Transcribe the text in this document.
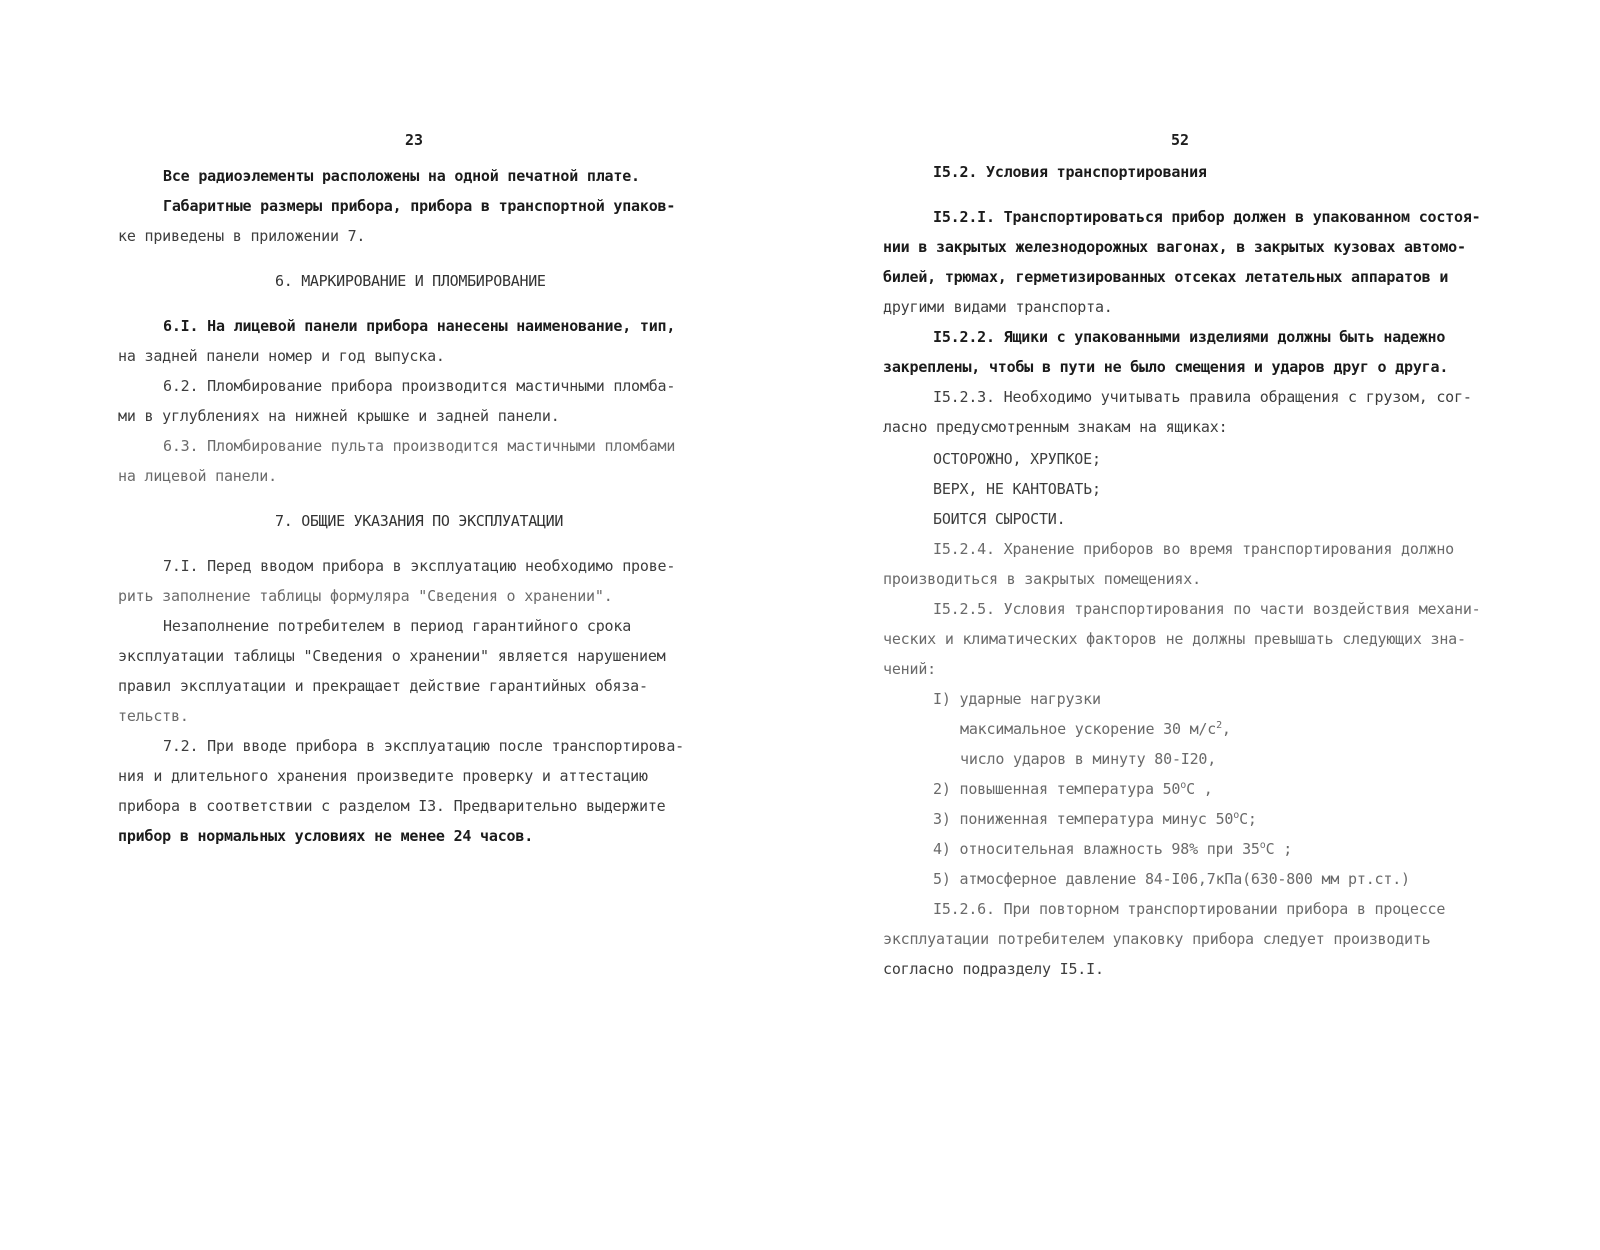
23
Все радиоэлементы расположены на одной печатной плате.
Габаритные размеры прибора, прибора в транспортной упаков-
ке приведены в приложении 7.
6. МАРКИРОВАНИЕ И ПЛОМБИРОВАНИЕ
6.I. На лицевой панели прибора нанесены наименование, тип,
на задней панели номер и год выпуска.
6.2. Пломбирование прибора производится мастичными пломба-
ми в углублениях на нижней крышке и задней панели.
6.3. Пломбирование пульта производится мастичными пломбами
на лицевой панели.
7. ОБЩИЕ УКАЗАНИЯ ПО ЭКСПЛУАТАЦИИ
7.I. Перед вводом прибора в эксплуатацию необходимо прове-
рить заполнение таблицы формуляра "Сведения о хранении".
Незаполнение потребителем в период гарантийного срока
эксплуатации таблицы "Сведения о хранении" является нарушением
правил эксплуатации и прекращает действие гарантийных обяза-
тельств.
7.2. При вводе прибора в эксплуатацию после транспортирова-
ния и длительного хранения произведите проверку и аттестацию
прибора в соответствии с разделом I3. Предварительно выдержите
прибор в нормальных условиях не менее 24 часов.
52
I5.2. Условия транспортирования
I5.2.I. Транспортироваться прибор должен в упакованном состоя-
нии в закрытых железнодорожных вагонах, в закрытых кузовах автомо-
билей, трюмах, герметизированных отсеках летательных аппаратов и
другими видами транспорта.
I5.2.2. Ящики с упакованными изделиями должны быть надежно
закреплены, чтобы в пути не было смещения и ударов друг о друга.
I5.2.3. Необходимо учитывать правила обращения с грузом, сог-
ласно предусмотренным знакам на ящиках:
ОСТОРОЖНО, ХРУПКОЕ;
ВЕРХ, НЕ КАНТОВАТЬ;
БОИТСЯ СЫРОСТИ.
I5.2.4. Хранение приборов во время транспортирования должно
производиться в закрытых помещениях.
I5.2.5. Условия транспортирования по части воздействия механи-
ческих и климатических факторов не должны превышать следующих зна-
чений:
I) ударные нагрузки
максимальное ускорение 30 $м/с^2$,
число ударов в минуту 80-I20,
2) повышенная температура $50^оС$ ,
3) пониженная температура минус $50^оС$;
4) относительная влажность 98% при $35^оС$ ;
5) атмосферное давление 84-I06,7кПа(630-800 мм рт.ст.)
I5.2.6. При повторном транспортировании прибора в процессе
эксплуатации потребителем упаковку прибора следует производить
согласно подразделу I5.I.
